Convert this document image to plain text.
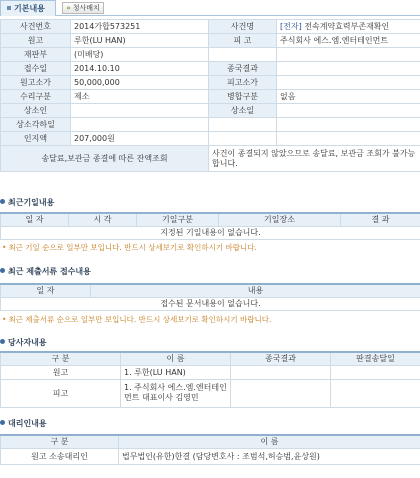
기본내용	» 청사배치
사건번호	2014가합573251	사건명	[전자] 전속계약효력부존재확인
원고	루한(LU HAN)	피 고	주식회사 에스.엠.엔터테인먼트
재판부	(미배당)		
접수일	2014.10.10	종국결과	
원고소가	50,000,000	피고소가	
수리구분	제소	병합구분	없음
상소인		상소일	
상소각하일			
인지액	207,000원		
송달료,보관금 종결에 따른 잔액조회		사건이 종결되지 않았으므로 송달료, 보관금 조회가 불가능합니다.	
최근기일내용
일 자	시 각	기일구분	기일장소	결 과
지정된 기일내용이 없습니다.
• 최근 기일 순으로 일부만 보입니다. 반드시 상세보기로 확인하시기 바랍니다.
최근 제출서류 접수내용
일 자	내용
접수된 문서내용이 없습니다.
• 최근 제출서류 순으로 일부만 보입니다. 반드시 상세보기로 확인하시기 바랍니다.
당사자내용
구 분	이 름	종국결과	판결송달일
원고	1. 루한(LU HAN)		
피고	1. 주식회사 에스.엠.엔터테인먼트 대표이사 김영민		
대리인내용
구 분	이 름
원고 소송대리인	법무법인(유한)한결 (담당변호사 : 조범석,허승범,윤상원)
